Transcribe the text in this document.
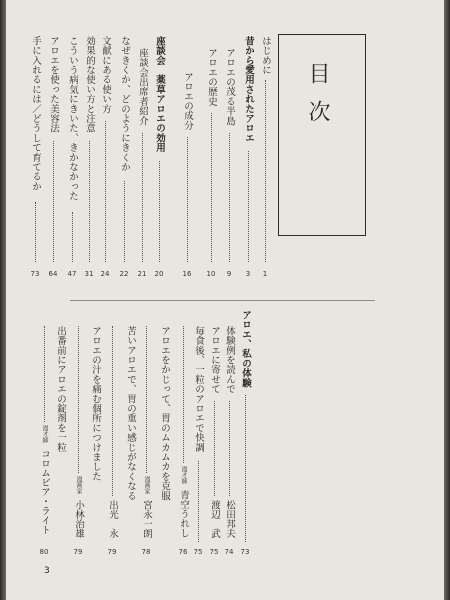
目次
はじめに
1
昔から愛用されたアロエ
3
アロエの茂る半島
9
アロエの歴史
10
アロエの成分
16
座談会　薬草アロエの効用
20
座談会出席者紹介
21
なぜきくか、どのようにきくか
22
文献にある使い方
24
効果的な使い方と注意
31
こういう病気にきいた、きかなかった
47
アロエを使った美容法
64
手に入れるには／どうして育てるか
73
アロエ、私の体験
73
体験例を読んで
松田邦夫
74
アロエに寄せて
渡辺　武
75
毎食後、一粒のアロエで快調
75
漫才師
青空うれし
76
アロエをかじって、胃のムカムカを克服
漫画家
宮永一朗
78
苦いアロエで、胃の重い感じがなくなる
出光　永
79
アロエの汁を痛む個所につけました
漫画家
小林治雄
79
出番前にアロエの錠剤を一粒
漫才師
コロムビア・ライト
80
3
